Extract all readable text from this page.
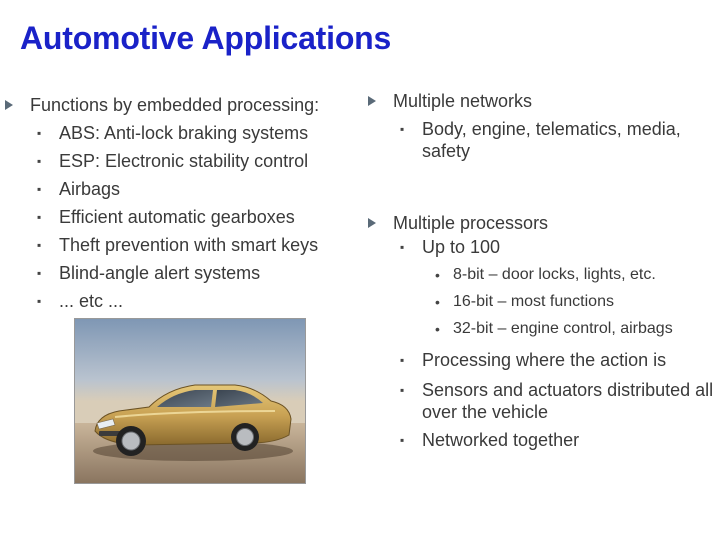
Automotive Applications
Functions by embedded processing:
▪ ABS: Anti-lock braking systems
▪ ESP: Electronic stability control
▪ Airbags
▪ Efficient automatic gearboxes
▪ Theft prevention with smart keys
▪ Blind-angle alert systems
▪ ... etc ...
Multiple networks
▪ Body, engine, telematics, media, safety
Multiple processors
▪ Up to 100
• 8-bit – door locks, lights, etc.
• 16-bit – most functions
• 32-bit – engine control, airbags
▪ Processing where the action is
▪ Sensors and actuators distributed all over the vehicle
▪ Networked together
